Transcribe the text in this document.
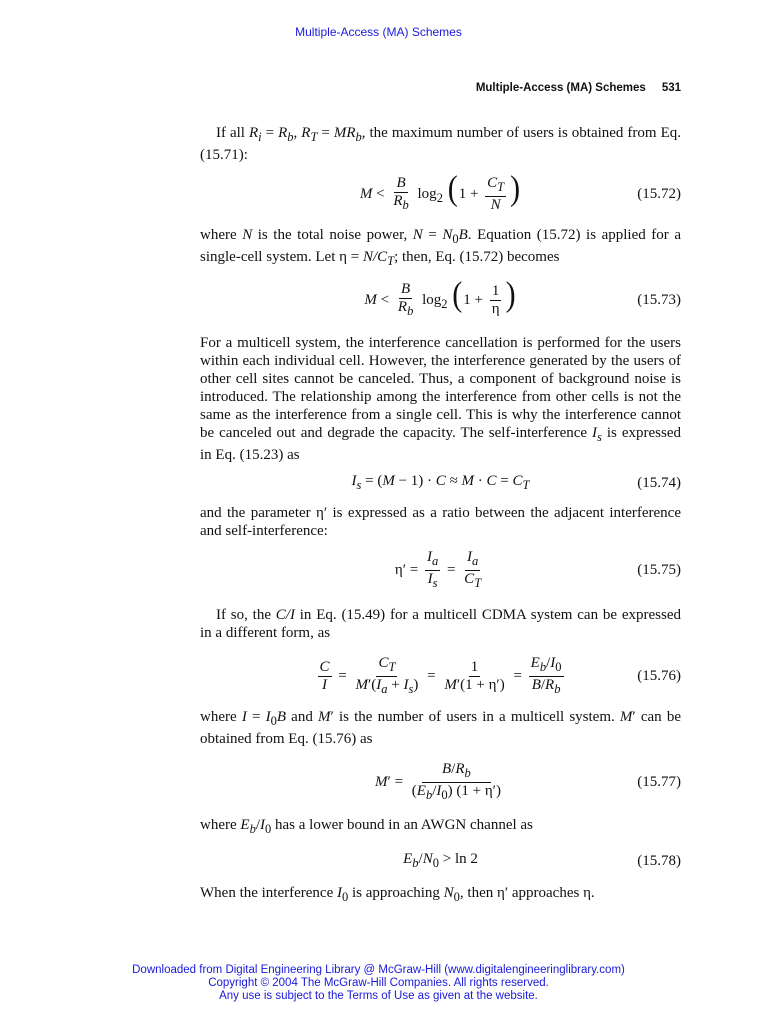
Multiple-Access (MA) Schemes
Multiple-Access (MA) Schemes 531

If all $R_i = R_b$, $R_T = MR_b$, the maximum number of users is obtained from Eq. (15.71):

$M < \frac{B}{R_b} \log_2 (1 + \frac{C_T}{N}$ )	(15.72)

where N is the total noise power, $N = N_0B$. Equation (15.72) is applied for a single-cell system. Let $\eta = N/C_T$; then, Eq. (15.72) becomes

$M < \frac{B}{R_b} \log_2 (1 + \frac{1}{\eta}$ )	(15.73)

For a multicell system, the interference cancellation is performed for the users within each individual cell. However, the interference generated by the users of other cell sites cannot be canceled. Thus, a component of background noise is introduced. The relationship among the interference from other cells is not the same as the interference from a single cell. This is why the interference cannot be canceled out and degrade the capacity. The self-interference $I_s$ is expressed in Eq. (15.23) as

$I_s = (M - 1) \cdot C \approx M \cdot C = C_T$	(15.74)

and the parameter η′ is expressed as a ratio between the adjacent interference and self-interference:

$\eta' = \frac{I_a}{I_s} = \frac{I_a}{C_T}$	(15.75)

If so, the C/I in Eq. (15.49) for a multicell CDMA system can be expressed in a different form, as

$\frac{C}{I} = \frac{C_T}{M'(I_a + I_s)} = \frac{1}{M'(1 + \eta')} = \frac{E_b/I_0}{B/R_b}$	(15.76)

where $I = I_0B$ and M′ is the number of users in a multicell system. M′ can be obtained from Eq. (15.76) as

$M' = \frac{B/R_b}{(E_b/I_0) (1 + \eta')}$	(15.77)

where $E_b/I_0$ has a lower bound in an AWGN channel as

$E_b/N_0 > \ln 2$	(15.78)

When the interference $I_0$ is approaching $N_0$, then η′ approaches η.

Downloaded from Digital Engineering Library @ McGraw-Hill (www.digitalengineeringlibrary.com)
Copyright © 2004 The McGraw-Hill Companies. All rights reserved.
Any use is subject to the Terms of Use as given at the website.
